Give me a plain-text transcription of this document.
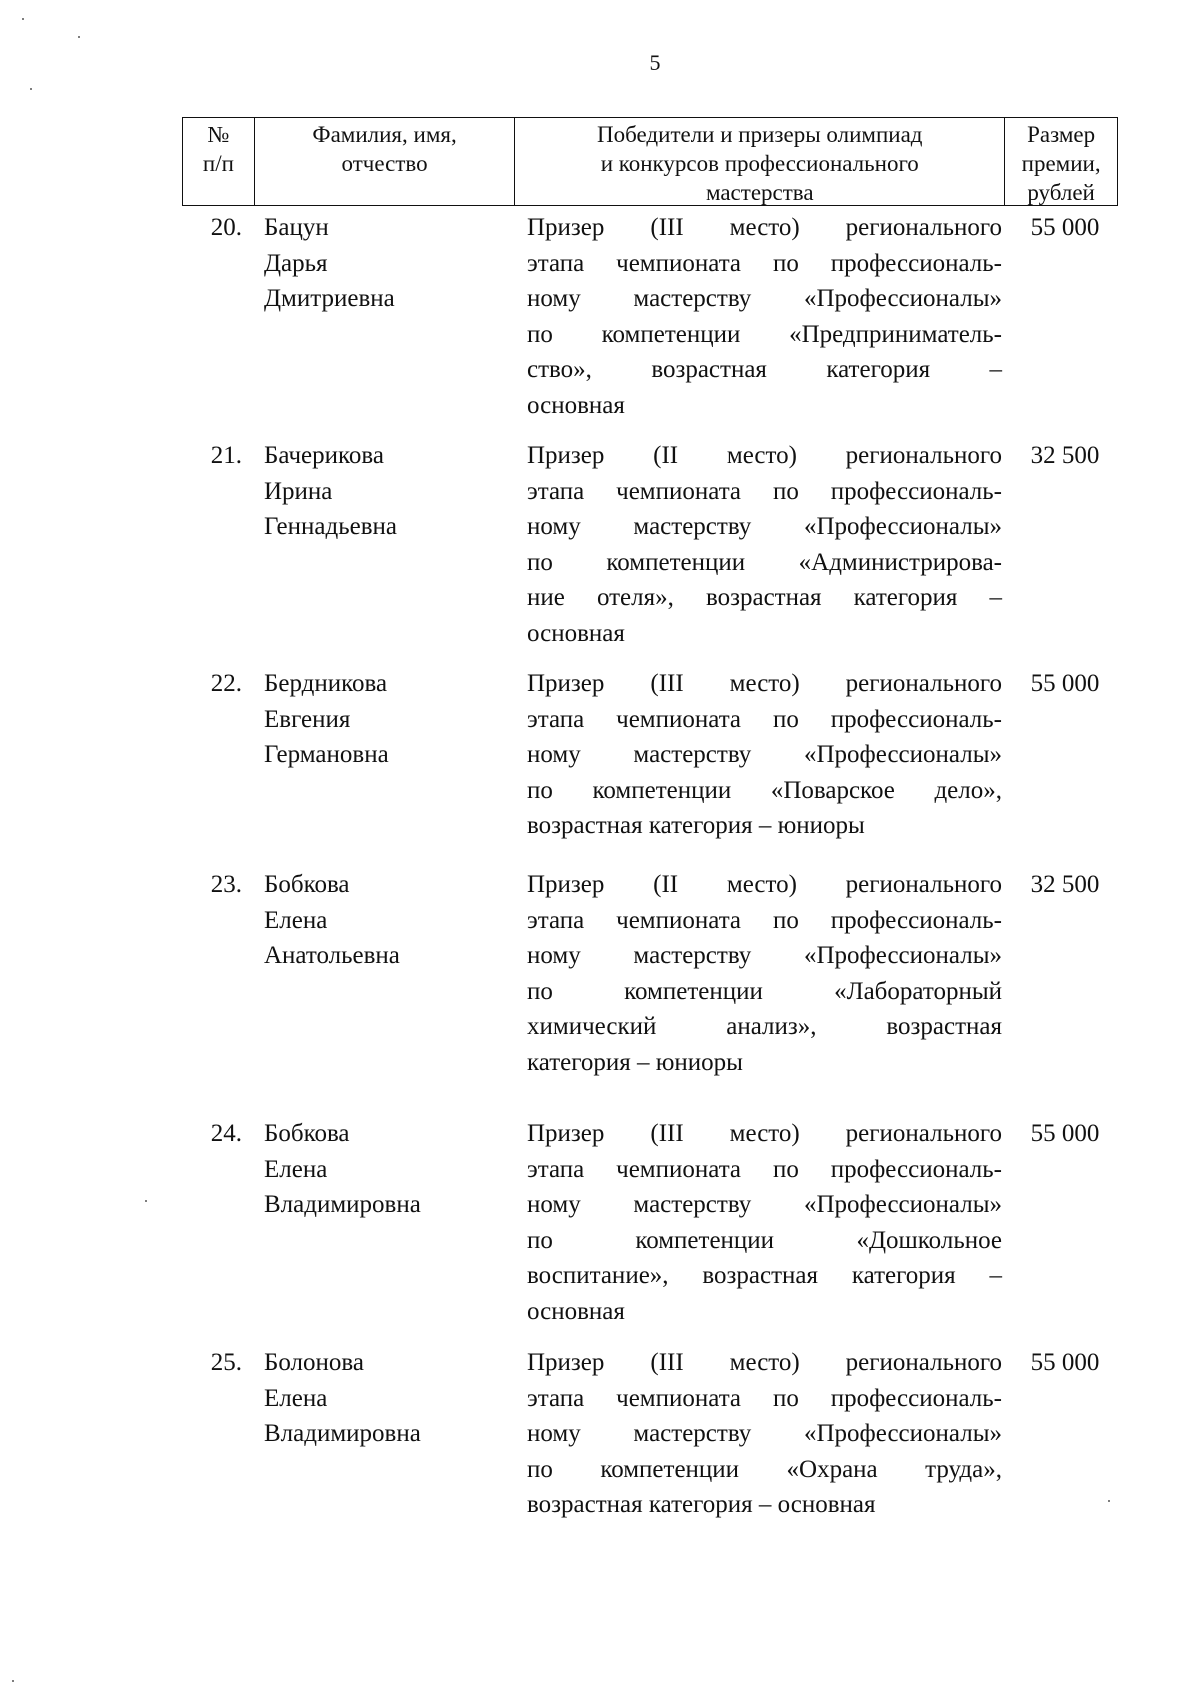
5
№
п/п
Фамилия, имя,
отчество
Победители и призеры олимпиад
и конкурсов профессионального
мастерства
Размер
премии,
рублей
20. Бацун
Дарья
Дмитриевна
Призер (III место) регионального
этапа чемпионата по профессиональ-
ному мастерству «Профессионалы»
по компетенции «Предприниматель-
ство», возрастная категория –
основная
55 000
21. Бачерикова
Ирина
Геннадьевна
Призер (II место) регионального
этапа чемпионата по профессиональ-
ному мастерству «Профессионалы»
по компетенции «Администрирова-
ние отеля», возрастная категория –
основная
32 500
22. Бердникова
Евгения
Германовна
Призер (III место) регионального
этапа чемпионата по профессиональ-
ному мастерству «Профессионалы»
по компетенции «Поварское дело»,
возрастная категория – юниоры
55 000
23. Бобкова
Елена
Анатольевна
Призер (II место) регионального
этапа чемпионата по профессиональ-
ному мастерству «Профессионалы»
по компетенции «Лабораторный
химический анализ», возрастная
категория – юниоры
32 500
24. Бобкова
Елена
Владимировна
Призер (III место) регионального
этапа чемпионата по профессиональ-
ному мастерству «Профессионалы»
по компетенции «Дошкольное
воспитание», возрастная категория –
основная
55 000
25. Болонова
Елена
Владимировна
Призер (III место) регионального
этапа чемпионата по профессиональ-
ному мастерству «Профессионалы»
по компетенции «Охрана труда»,
возрастная категория – основная
55 000
